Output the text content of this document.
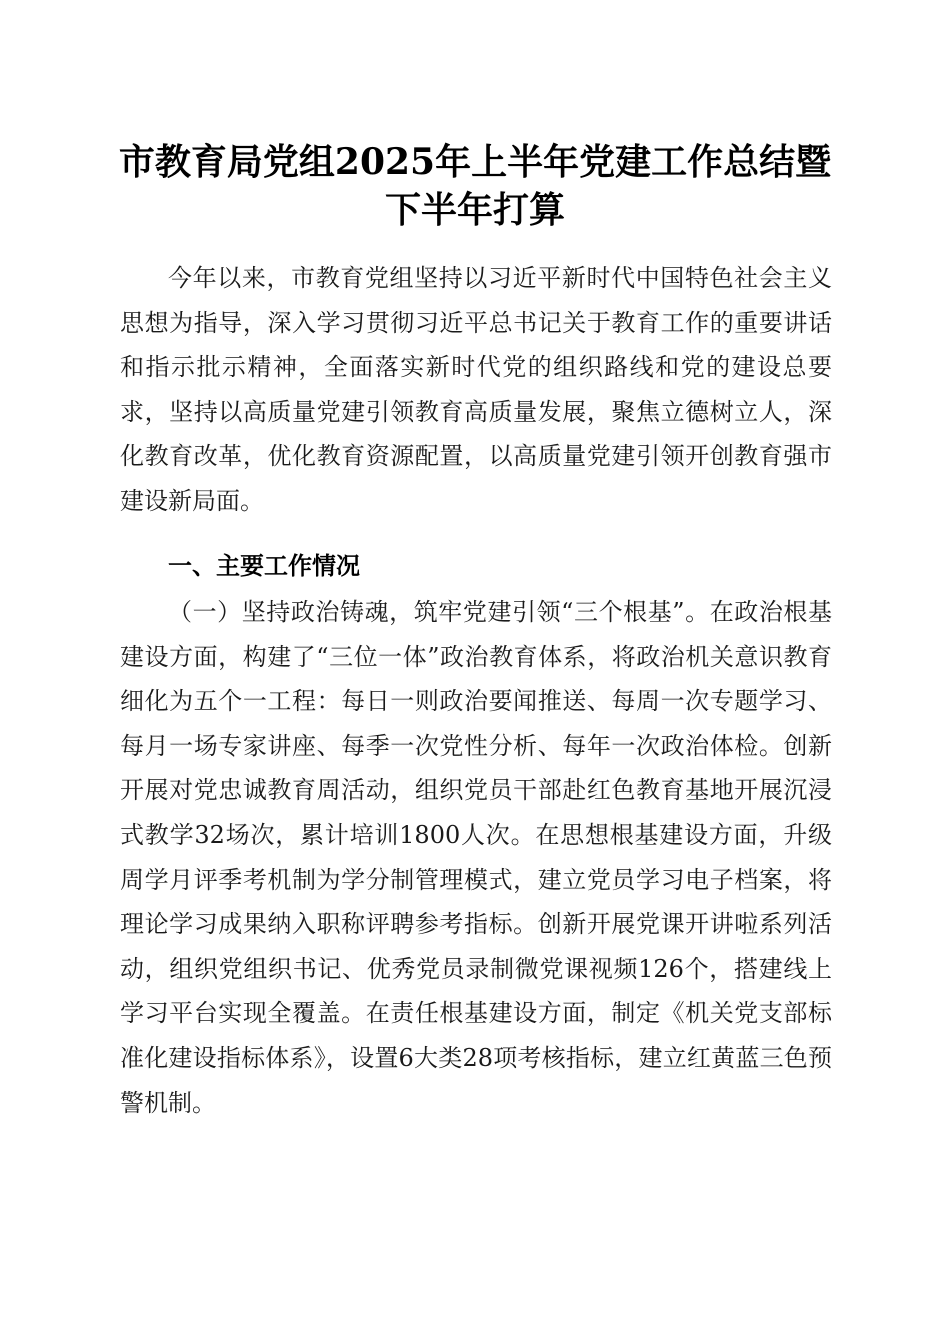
市教育局党组2025年上半年党建工作总结暨
下半年打算

今年以来，市教育党组坚持以习近平新时代中国特色社会主义思想为指导，深入学习贯彻习近平总书记关于教育工作的重要讲话和指示批示精神，全面落实新时代党的组织路线和党的建设总要求，坚持以高质量党建引领教育高质量发展，聚焦立德树立人，深化教育改革，优化教育资源配置，以高质量党建引领开创教育强市建设新局面。

一、主要工作情况

（一）坚持政治铸魂，筑牢党建引领“三个根基”。在政治根基建设方面，构建了“三位一体”政治教育体系，将政治机关意识教育细化为五个一工程：每日一则政治要闻推送、每周一次专题学习、每月一场专家讲座、每季一次党性分析、每年一次政治体检。创新开展对党忠诚教育周活动，组织党员干部赴红色教育基地开展沉浸式教学32场次，累计培训1800人次。在思想根基建设方面，升级周学月评季考机制为学分制管理模式，建立党员学习电子档案，将理论学习成果纳入职称评聘参考指标。创新开展党课开讲啦系列活动，组织党组织书记、优秀党员录制微党课视频126个，搭建线上学习平台实现全覆盖。在责任根基建设方面，制定《机关党支部标准化建设指标体系》，设置6大类28项考核指标，建立红黄蓝三色预警机制。
